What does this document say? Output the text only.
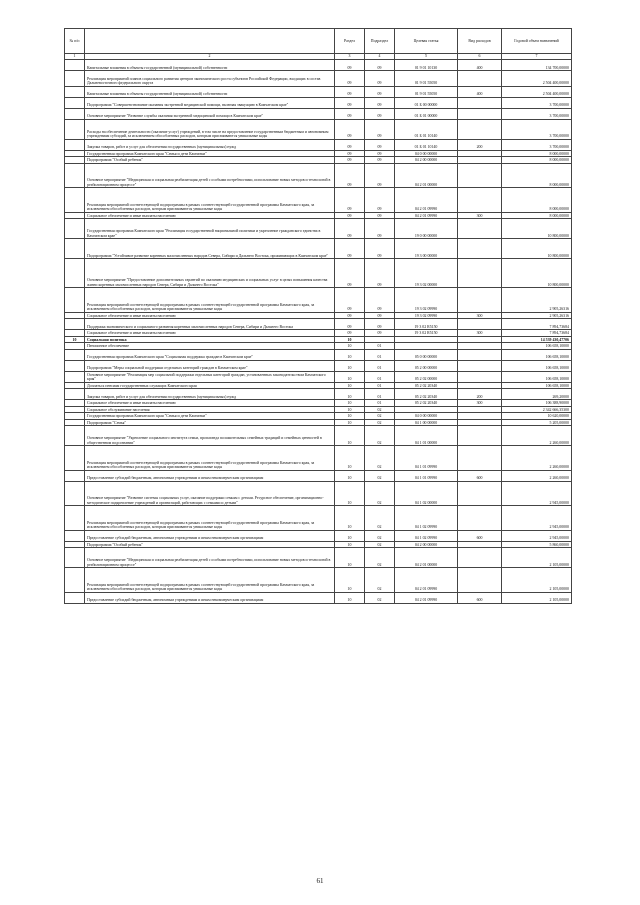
№ п/п		Раздел	Подраздел	Целевая статья	Вид расходов	Годовой объем назначений
1	2	3	4	5	6	7
	Капитальные вложения в объекты государственной (муниципальной) собственности	09	09	01 9 01 10130	400	134 700,00000
	Реализация мероприятий планов социального развития центров экономического роста субъектов Российской Федерации, входящих в состав Дальневосточного федерального округа	09	09	01 9 01 55050		2 504 400,00000
	Капитальные вложения в объекты государственной (муниципальной) собственности	09	09	01 9 01 55050	400	2 504 400,00000
	Подпрограмма "Совершенствование оказания экстренной медицинской помощи, включая эвакуацию в Камчатском крае"	09	09	01 Б 00 00000		3 700,00000
	Основное мероприятие "Развитие службы оказания экстренной медицинской помощи в Камчатском крае"	09	09	01 Б 01 00000		3 700,00000
	Расходы на обеспечение деятельности (оказание услуг) учреждений, в том числе на предоставление государственным бюджетным и автономным учреждениям субсидий, за исключением обособленных расходов, которым присваиваются уникальные коды	09	09	01 Б 01 10140		3 700,00000
	Закупка товаров, работ и услуг для обеспечения государственных (муниципальных) нужд	09	09	01 Б 01 10140	200	3 700,00000
	Государственная программа Камчатского края "Семья и дети Камчатки"	09	09	04 0 00 00000		8 000,00000
	Подпрограмма "Особый ребенок"	09	09	04 2 00 00000		8 000,00000
	Основное мероприятие "Медицинская и социальная реабилитация детей с особыми потребностями, использование новых методов и технологий в реабилитационном процессе"	09	09	04 2 01 00000		8 000,00000
	Реализация мероприятий соответствующей подпрограммы в рамках соответствующей государственной программы Камчатского края, за исключением обособленных расходов, которым присваиваются уникальные коды	09	09	04 2 01 09990		8 000,00000
	Социальное обеспечение и иные выплаты населению	09	09	04 2 01 09990	300	8 000,00000
	Государственная программа Камчатского края "Реализация государственной национальной политики и укрепление гражданского единства в Камчатском крае"	09	09	19 0 00 00000		10 800,00000
	Подпрограмма "Устойчивое развитие коренных малочисленных народов Севера, Сибири и Дальнего Востока, проживающих в Камчатском крае"	09	09	19 3 00 00000		10 800,00000
	Основное мероприятие "Предоставление дополнительных гарантий по оказанию медицинских и социальных услуг в целях повышения качества жизни коренных малочисленных народов Севера, Сибири и Дальнего Востока"	09	09	19 3 02 00000		10 800,00000
	Реализация мероприятий соответствующей подпрограммы в рамках соответствующей государственной программы Камчатского края, за исключением обособленных расходов, которым присваиваются уникальные коды	09	09	19 3 02 09990		2 905,26316
	Социальное обеспечение и иные выплаты населению	09	09	19 3 02 09990	300	2 905,26316
	Поддержка экономического и социального развития коренных малочисленных народов Севера, Сибири и Дальнего Востока	09	09	19 3 02 R5150		7 894,73684
	Социальное обеспечение и иные выплаты населению	09	09	19 3 02 R5150	300	7 894,73684
10	Социальная политика	10				14 539 430,47706
	Пенсионное обеспечение	10	01			106 658,10000
	Государственная программа Камчатского края "Социальная поддержка граждан в Камчатском крае"	10	01	05 0 00 00000		106 658,10000
	Подпрограмма "Меры социальной поддержки отдельных категорий граждан в Камчатском крае"	10	01	05 2 00 00000		106 658,10000
	Основное мероприятие "Реализация мер социальной поддержки отдельных категорий граждан, установленных законодательством Камчатского края"	10	01	05 2 02 00000		106 658,10000
	Доплаты к пенсиям государственных служащих Камчатского края	10	01	05 2 02 20340		106 658,10000
	Закупка товаров, работ и услуг для обеспечения государственных (муниципальных) нужд	10	01	05 2 02 20340	200	269,20000
	Социальное обеспечение и иные выплаты населению	10	01	05 2 02 20340	300	106 388,90000
	Социальное обслуживание населения	10	02			2 342 666,35300
	Государственная программа Камчатского края "Семья и дети Камчатки"	10	02	04 0 00 00000		10 620,00000
	Подпрограмма "Семья"	10	02	04 1 00 00000		5 205,00000
	Основное мероприятие "Укрепление социального института семьи, пропаганда положительных семейных традиций и семейных ценностей в общественном подсознании"	10	02	04 1 01 00000		2 260,00000
	Реализация мероприятий соответствующей подпрограммы в рамках соответствующей государственной программы Камчатского края, за исключением обособленных расходов, которым присваиваются уникальные коды	10	02	04 1 01 09990		2 260,00000
	Предоставление субсидий бюджетным, автономным учреждениям и иным некоммерческим организациям	10	02	04 1 01 09990	600	2 260,00000
	Основное мероприятие "Развитие системы социальных услуг, оказание поддержки семьям с детьми. Ресурсное обеспечение, организационно-методическое подкрепление учреждений и организаций, работающих с семьями и детьми"	10	02	04 1 02 00000		2 945,00000
	Реализация мероприятий соответствующей подпрограммы в рамках соответствующей государственной программы Камчатского края, за исключением обособленных расходов, которым присваиваются уникальные коды	10	02	04 1 02 09990		2 945,00000
	Предоставление субсидий бюджетным, автономным учреждениям и иным некоммерческим организациям	10	02	04 1 02 09990	600	2 945,00000
	Подпрограмма "Особый ребенок"	10	02	04 2 00 00000		5 860,00000
	Основное мероприятие "Медицинская и социальная реабилитация детей с особыми потребностями, использование новых методов и технологий в реабилитационном процессе"	10	02	04 2 01 00000		2 105,00000
	Реализация мероприятий соответствующей подпрограммы в рамках соответствующей государственной программы Камчатского края, за исключением обособленных расходов, которым присваиваются уникальные коды	10	02	04 2 01 09990		2 105,00000
	Предоставление субсидий бюджетным, автономным учреждениям и иным некоммерческим организациям	10	02	04 2 01 09990	600	2 105,00000
61
